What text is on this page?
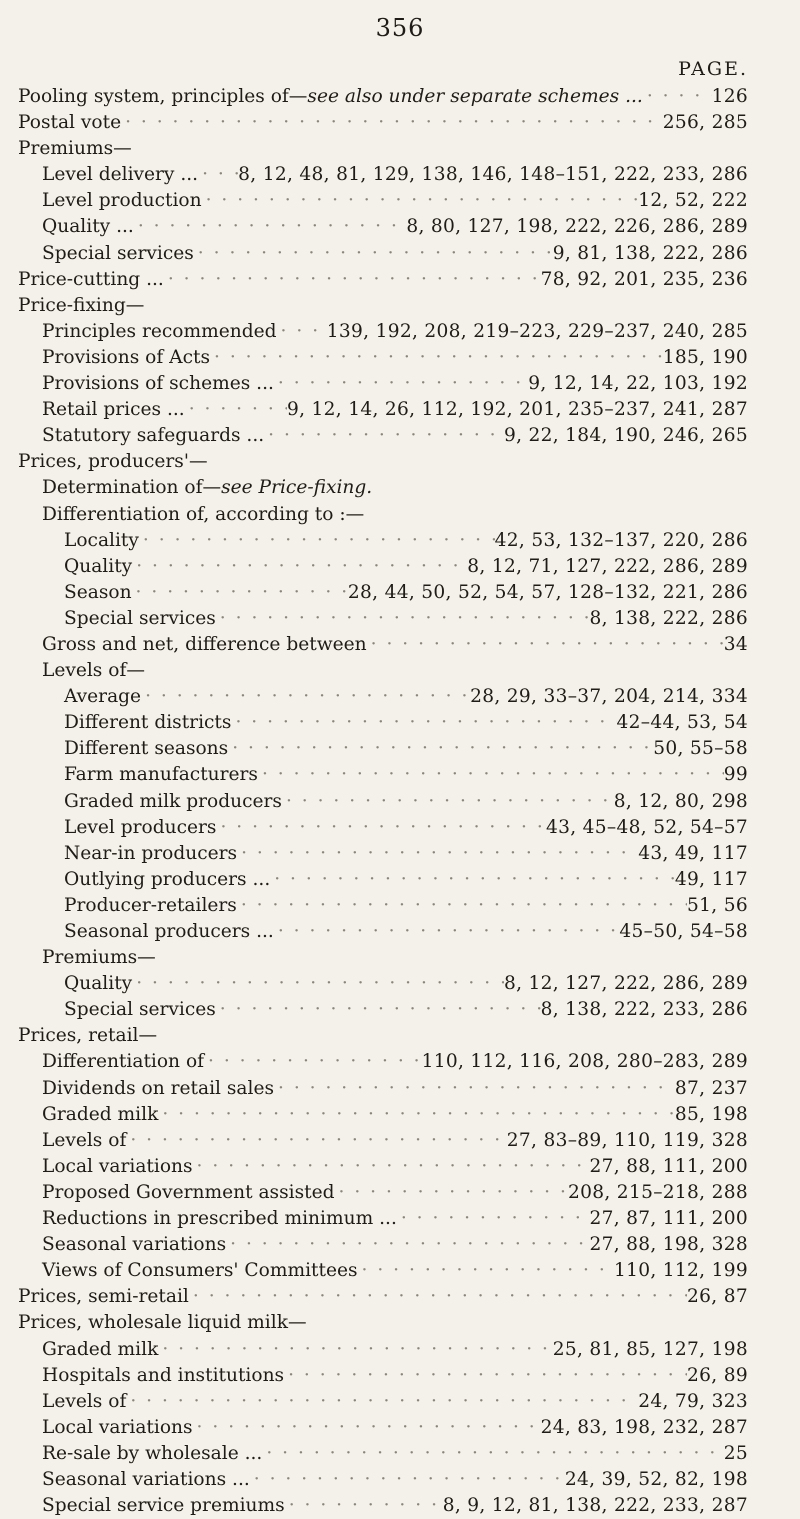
356
PAGE.
Pooling system, principles of— see also under separate schemes ... · · ·	126
Postal vote · · ·	256, 285
Premiums—
Level delivery ... · · · 8, 12, 48, 81, 129, 138, 146, 148–151, 222, 233, 286
Level production · · ·	12, 52, 222
Quality ... · · ·	8, 80, 127, 198, 222, 226, 286, 289
Special services · · ·	9, 81, 138, 222, 286
Price-cutting ... · · ·	78, 92, 201, 235, 236
Price-fixing—
Principles recommended · · ·	139, 192, 208, 219–223, 229–237, 240, 285
Provisions of Acts · · ·	185, 190
Provisions of schemes ... · · ·	9, 12, 14, 22, 103, 192
Retail prices ... · · ·	9, 12, 14, 26, 112, 192, 201, 235–237, 241, 287
Statutory safeguards ... · · ·	9, 22, 184, 190, 246, 265
Prices, producers'—
Determination of—see Price-fixing.
Differentiation of, according to :—
Locality · · ·	42, 53, 132–137, 220, 286
Quality · · ·	8, 12, 71, 127, 222, 286, 289
Season · · ·	28, 44, 50, 52, 54, 57, 128–132, 221, 286
Special services · · ·	8, 138, 222, 286
Gross and net, difference between · · ·	34
Levels of—
Average · · ·	28, 29, 33–37, 204, 214, 334
Different districts · · ·	42–44, 53, 54
Different seasons · · ·	50, 55–58
Farm manufacturers · · ·	99
Graded milk producers · · ·	8, 12, 80, 298
Level producers · · ·	43, 45–48, 52, 54–57
Near-in producers · · ·	43, 49, 117
Outlying producers ... · · ·	49, 117
Producer-retailers · · ·	51, 56
Seasonal producers ... · · ·	45–50, 54–58
Premiums—
Quality · · ·	8, 12, 127, 222, 286, 289
Special services · · ·	8, 138, 222, 233, 286
Prices, retail—
Differentiation of · · ·	110, 112, 116, 208, 280–283, 289
Dividends on retail sales · · ·	87, 237
Graded milk · · ·	85, 198
Levels of · · ·	27, 83–89, 110, 119, 328
Local variations · · ·	27, 88, 111, 200
Proposed Government assisted · · ·	208, 215–218, 288
Reductions in prescribed minimum ... · · ·	27, 87, 111, 200
Seasonal variations · · ·	27, 88, 198, 328
Views of Consumers' Committees · · ·	110, 112, 199
Prices, semi-retail · · ·	26, 87
Prices, wholesale liquid milk—
Graded milk · · ·	25, 81, 85, 127, 198
Hospitals and institutions · · ·	26, 89
Levels of · · ·	24, 79, 323
Local variations · · ·	24, 83, 198, 232, 287
Re-sale by wholesale ... · · ·	25
Seasonal variations ... · · ·	24, 39, 52, 82, 198
Special service premiums · · ·	8, 9, 12, 81, 138, 222, 233, 287
